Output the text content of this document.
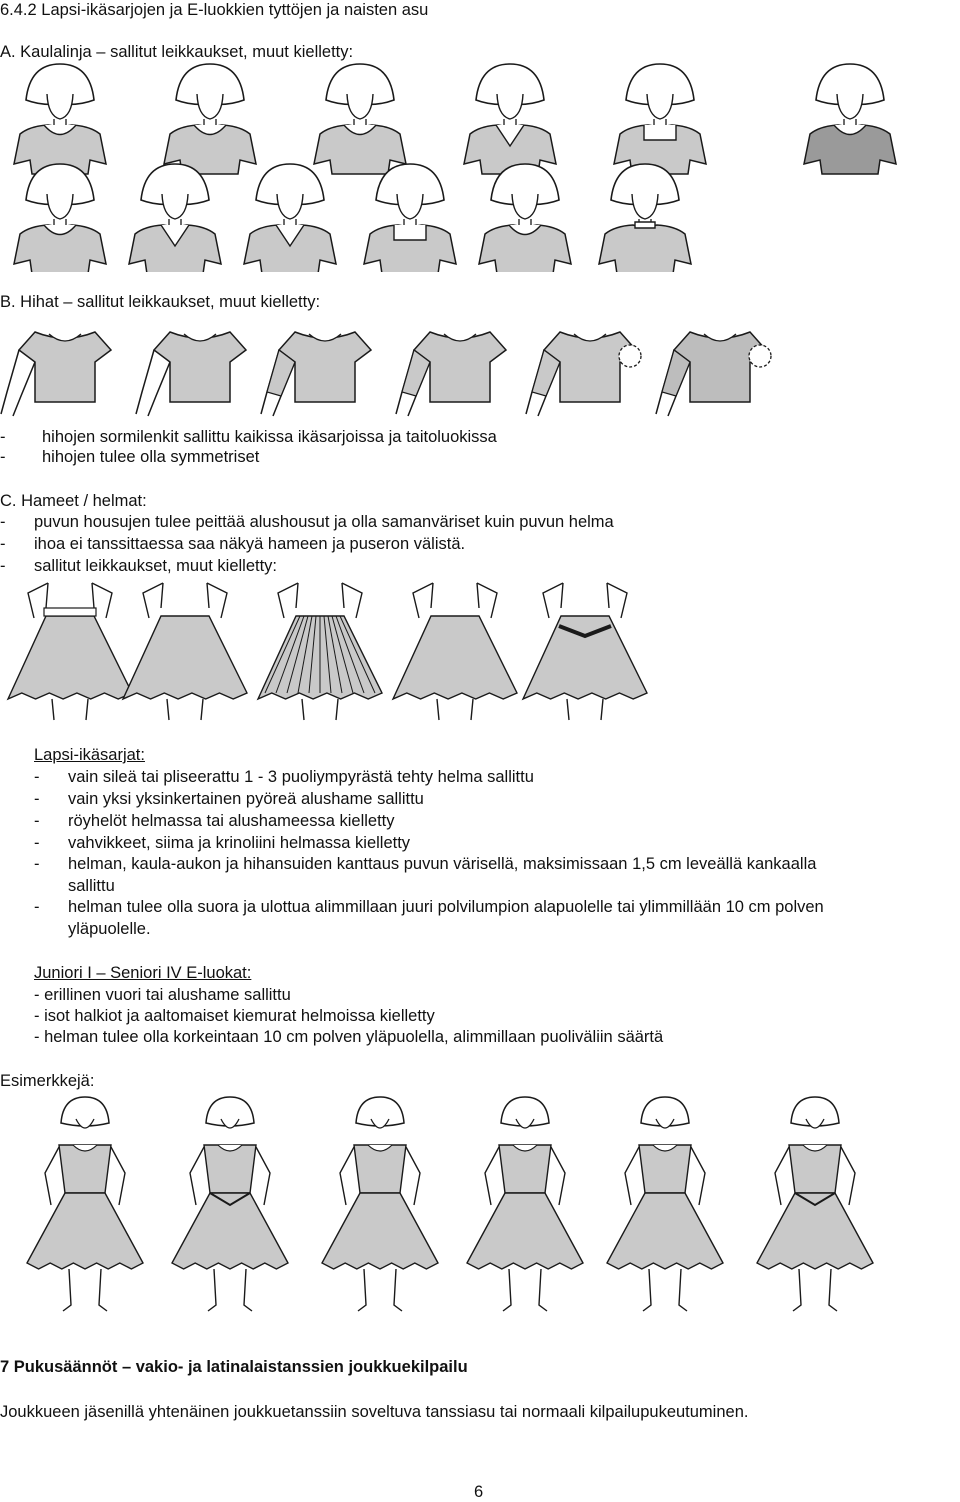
6.4.2 Lapsi-ikäsarjojen ja E-luokkien tyttöjen ja naisten asu
A. Kaulalinja – sallitut leikkaukset, muut kielletty:
B. Hihat – sallitut leikkaukset, muut kielletty:
- hihojen sormilenkit sallittu kaikissa ikäsarjoissa ja taitoluokissa
- hihojen tulee olla symmetriset
C. Hameet / helmat:
- puvun housujen tulee peittää alushousut ja olla samanväriset kuin puvun helma
- ihoa ei tanssittaessa saa näkyä hameen ja puseron välistä.
- sallitut leikkaukset, muut kielletty:
Lapsi-ikäsarjat:
- vain sileä tai pliseerattu 1 - 3 puoliympyrästä tehty helma sallittu
- vain yksi yksinkertainen pyöreä alushame sallittu
- röyhelöt helmassa tai alushameessa kielletty
- vahvikkeet, siima ja krinoliini helmassa kielletty
- helman, kaula-aukon ja hihansuiden kanttaus puvun värisellä, maksimissaan 1,5 cm leveällä kankaalla
sallittu
- helman tulee olla suora ja ulottua alimmillaan juuri polvilumpion alapuolelle tai ylimmillään 10 cm polven
yläpuolelle.
Juniori I – Seniori IV E-luokat:
- erillinen vuori tai alushame sallittu
- isot halkiot ja aaltomaiset kiemurat helmoissa kielletty
- helman tulee olla korkeintaan 10 cm polven yläpuolella, alimmillaan puoliväliin säärtä
Esimerkkejä:
7 Pukusäännöt – vakio- ja latinalaistanssien joukkuekilpailu
Joukkueen jäsenillä yhtenäinen joukkuetanssiin soveltuva tanssiasu tai normaali kilpailupukeutuminen.
6
